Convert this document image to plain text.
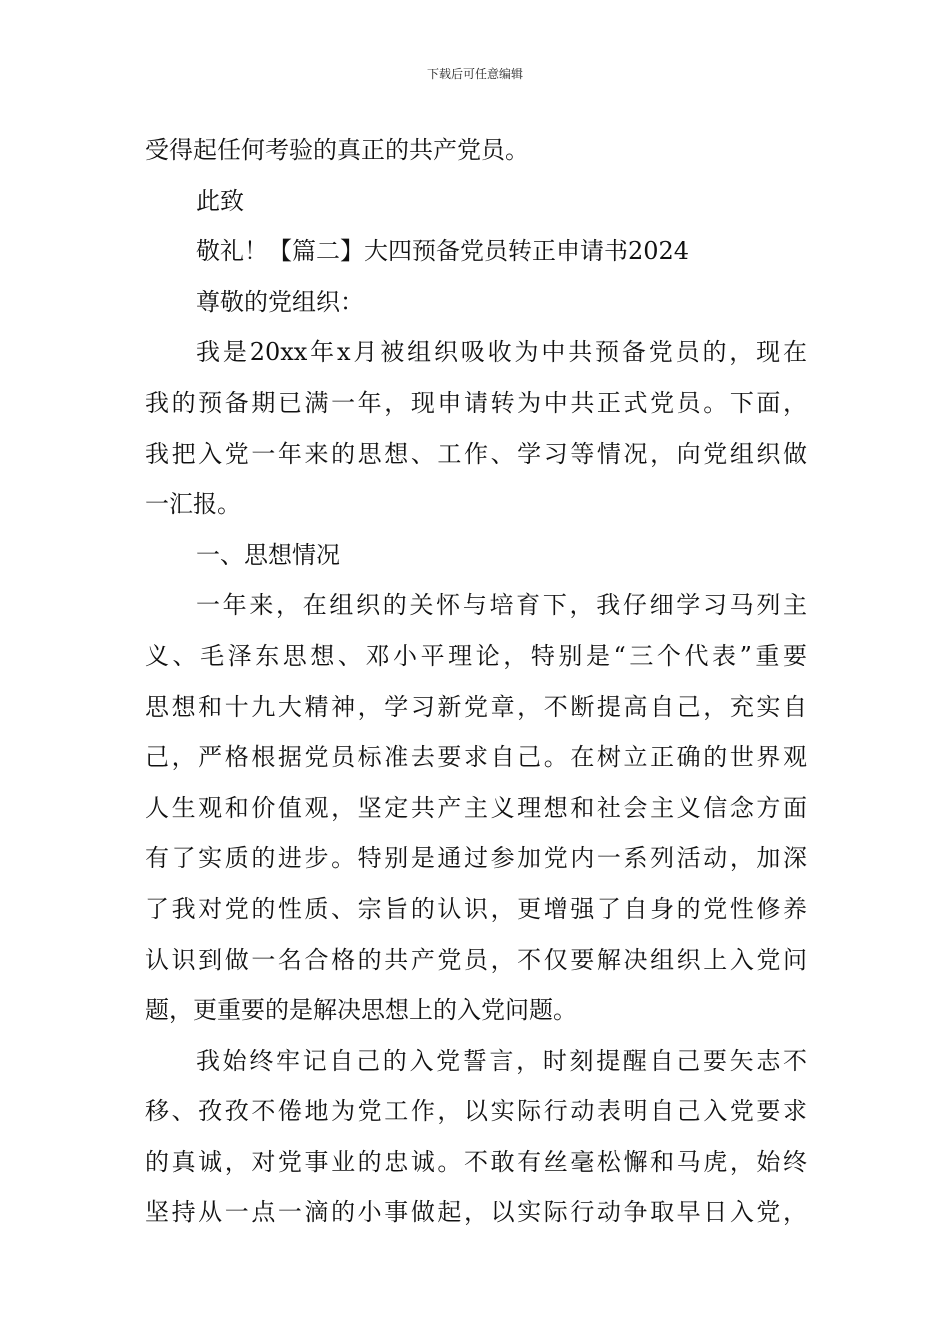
下载后可任意编辑
受得起任何考验的真正的共产党员。
此致
敬礼！【篇二】大四预备党员转正申请书2024
尊敬的党组织：
我是20xx年x月被组织吸收为中共预备党员的，现在
我的预备期已满一年，现申请转为中共正式党员。下面，
我把入党一年来的思想、工作、学习等情况，向党组织做
一汇报。
一、思想情况
一年来，在组织的关怀与培育下，我仔细学习马列主
义、毛泽东思想、邓小平理论，特别是“三个代表”重要
思想和十九大精神，学习新党章，不断提高自己，充实自
己，严格根据党员标准去要求自己。在树立正确的世界观
人生观和价值观，坚定共产主义理想和社会主义信念方面
有了实质的进步。特别是通过参加党内一系列活动，加深
了我对党的性质、宗旨的认识，更增强了自身的党性修养
认识到做一名合格的共产党员，不仅要解决组织上入党问
题，更重要的是解决思想上的入党问题。
我始终牢记自己的入党誓言，时刻提醒自己要矢志不
移、孜孜不倦地为党工作，以实际行动表明自己入党要求
的真诚，对党事业的忠诚。不敢有丝毫松懈和马虎，始终
坚持从一点一滴的小事做起，以实际行动争取早日入党，
